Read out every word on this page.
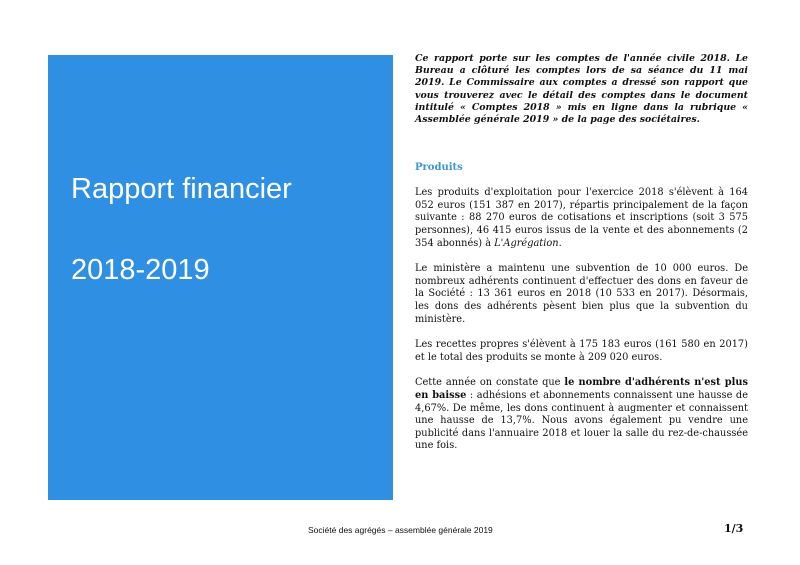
Rapport financier
2018-2019

Ce rapport porte sur les comptes de l'année civile 2018. Le Bureau a clôturé les comptes lors de sa séance du 11 mai 2019. Le Commissaire aux comptes a dressé son rapport que vous trouverez avec le détail des comptes dans le document intitulé « Comptes 2018 » mis en ligne dans la rubrique « Assemblée générale 2019 » de la page des sociétaires.

Produits

Les produits d'exploitation pour l'exercice 2018 s'élèvent à 164 052 euros (151 387 en 2017), répartis principalement de la façon suivante : 88 270 euros de cotisations et inscriptions (soit 3 575 personnes), 46 415 euros issus de la vente et des abonnements (2 354 abonnés) à L'Agrégation.

Le ministère a maintenu une subvention de 10 000 euros. De nombreux adhérents continuent d'effectuer des dons en faveur de la Société : 13 361 euros en 2018 (10 533 en 2017). Désormais, les dons des adhérents pèsent bien plus que la subvention du ministère.

Les recettes propres s'élèvent à 175 183 euros (161 580 en 2017) et le total des produits se monte à 209 020 euros.

Cette année on constate que le nombre d'adhérents n'est plus en baisse : adhésions et abonnements connaissent une hausse de 4,67%. De même, les dons continuent à augmenter et connaissent une hausse de 13,7%. Nous avons également pu vendre une publicité dans l'annuaire 2018 et louer la salle du rez-de-chaussée une fois.

Société des agrégés – assemblée générale 2019	1/3
